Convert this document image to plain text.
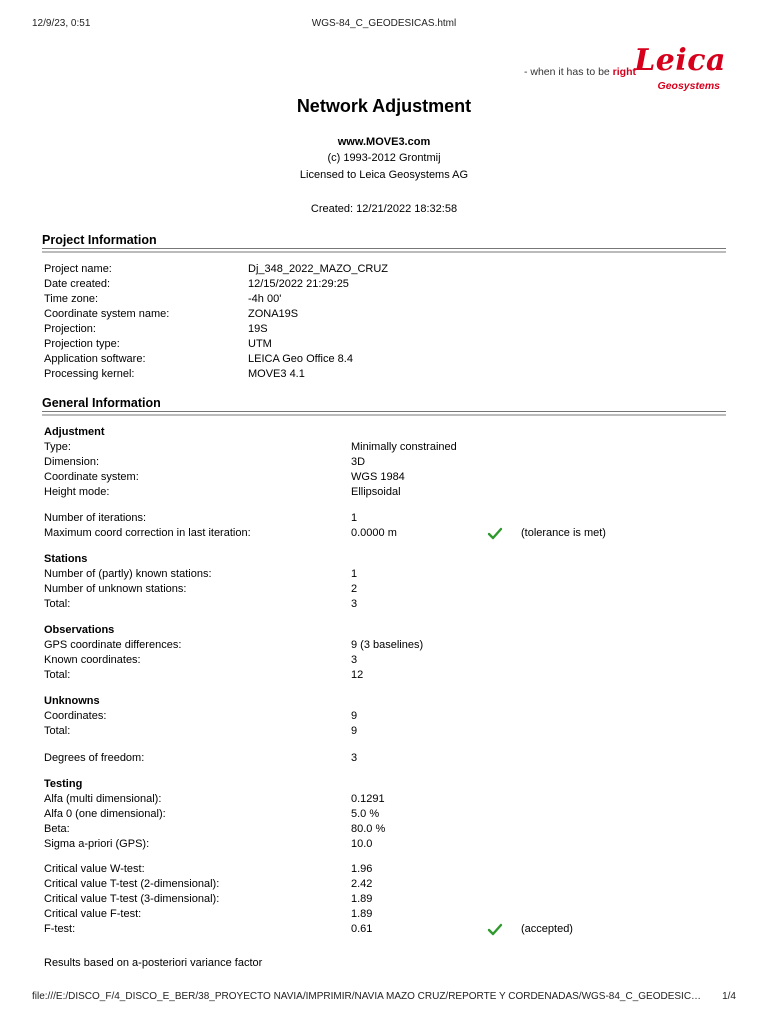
12/9/23, 0:51	WGS-84_C_GEODESICAS.html
- when it has to be right
Leica
Geosystems
Network Adjustment
www.MOVE3.com
(c) 1993-2012 Grontmij
Licensed to Leica Geosystems AG
Created: 12/21/2022 18:32:58
Project Information
Project name:	Dj_348_2022_MAZO_CRUZ
Date created:	12/15/2022 21:29:25
Time zone:	-4h 00'
Coordinate system name:	ZONA19S
Projection:	19S
Projection type:	UTM
Application software:	LEICA Geo Office 8.4
Processing kernel:	MOVE3 4.1
General Information
Adjustment
Type:	Minimally constrained
Dimension:	3D
Coordinate system:	WGS 1984
Height mode:	Ellipsoidal
Number of iterations:	1
Maximum coord correction in last iteration:	0.0000 m	(tolerance is met)
Stations
Number of (partly) known stations:	1
Number of unknown stations:	2
Total:	3
Observations
GPS coordinate differences:	9 (3 baselines)
Known coordinates:	3
Total:	12
Unknowns
Coordinates:	9
Total:	9
Degrees of freedom:	3
Testing
Alfa (multi dimensional):	0.1291
Alfa 0 (one dimensional):	5.0 %
Beta:	80.0 %
Sigma a-priori (GPS):	10.0
Critical value W-test:	1.96
Critical value T-test (2-dimensional):	2.42
Critical value T-test (3-dimensional):	1.89
Critical value F-test:	1.89
F-test:	0.61	(accepted)
Results based on a-posteriori variance factor
file:///E:/DISCO_F/4_DISCO_E_BER/38_PROYECTO NAVIA/IMPRIMIR/NAVIA MAZO CRUZ/REPORTE Y CORDENADAS/WGS-84_C_GEODESIC…	1/4
